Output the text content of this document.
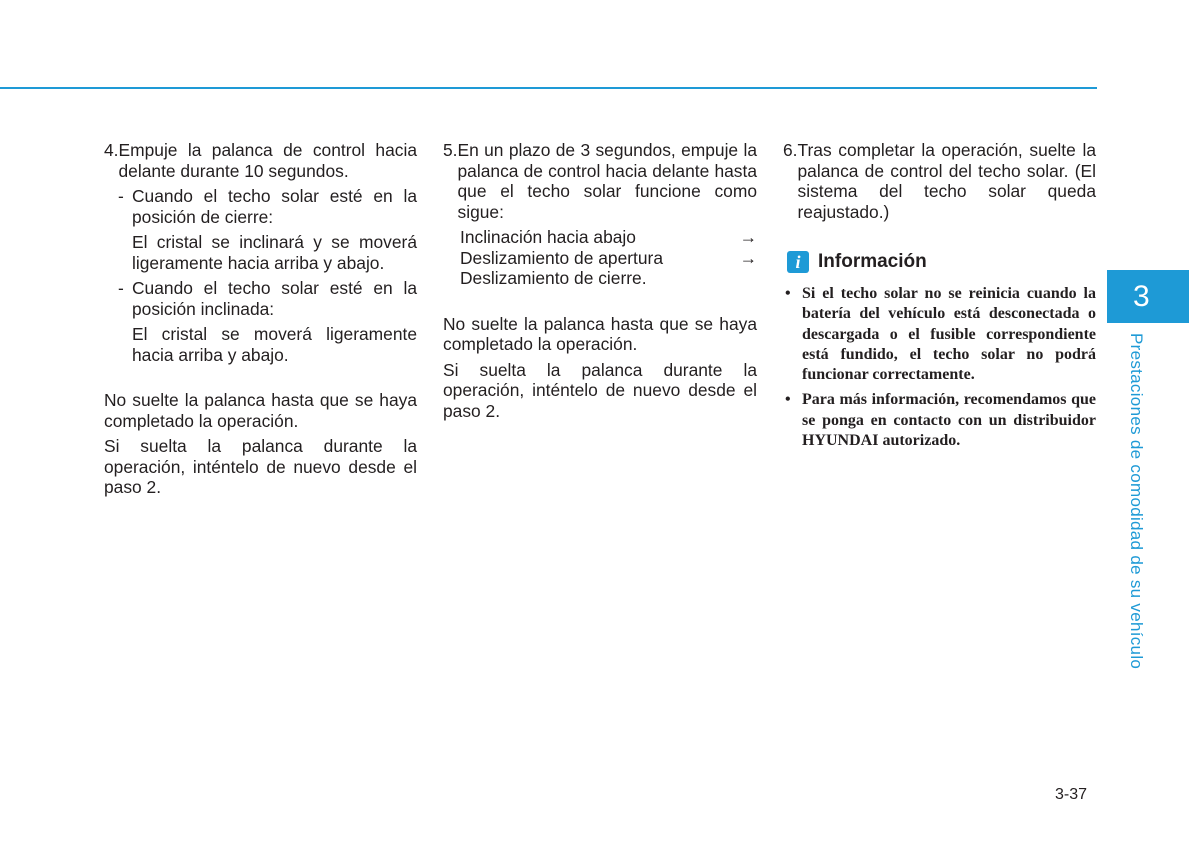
4. Empuje la palanca de control hacia delante durante 10 segundos.
- Cuando el techo solar esté en la posición de cierre:
El cristal se inclinará y se moverá ligeramente hacia arriba y abajo.
- Cuando el techo solar esté en la posición inclinada:
El cristal se moverá ligeramente hacia arriba y abajo.

No suelte la palanca hasta que se haya completado la operación.

Si suelta la palanca durante la operación, inténtelo de nuevo desde el paso 2.

5. En un plazo de 3 segundos, empuje la palanca de control hacia delante hasta que el techo solar funcione como sigue:
Inclinación hacia abajo	→
Deslizamiento de apertura	→
Deslizamiento de cierre.

No suelte la palanca hasta que se haya completado la operación.

Si suelta la palanca durante la operación, inténtelo de nuevo desde el paso 2.

6. Tras completar la operación, suelte la palanca de control del techo solar. (El sistema del techo solar queda reajustado.)
i Información
• Si el techo solar no se reinicia cuando la batería del vehículo está desconectada o descargada o el fusible correspondiente está fundido, el techo solar no podrá funcionar correctamente.
• Para más información, recomendamos que se ponga en contacto con un distribuidor HYUNDAI autorizado.
3
Prestaciones de comodidad de su vehículo
3-37
